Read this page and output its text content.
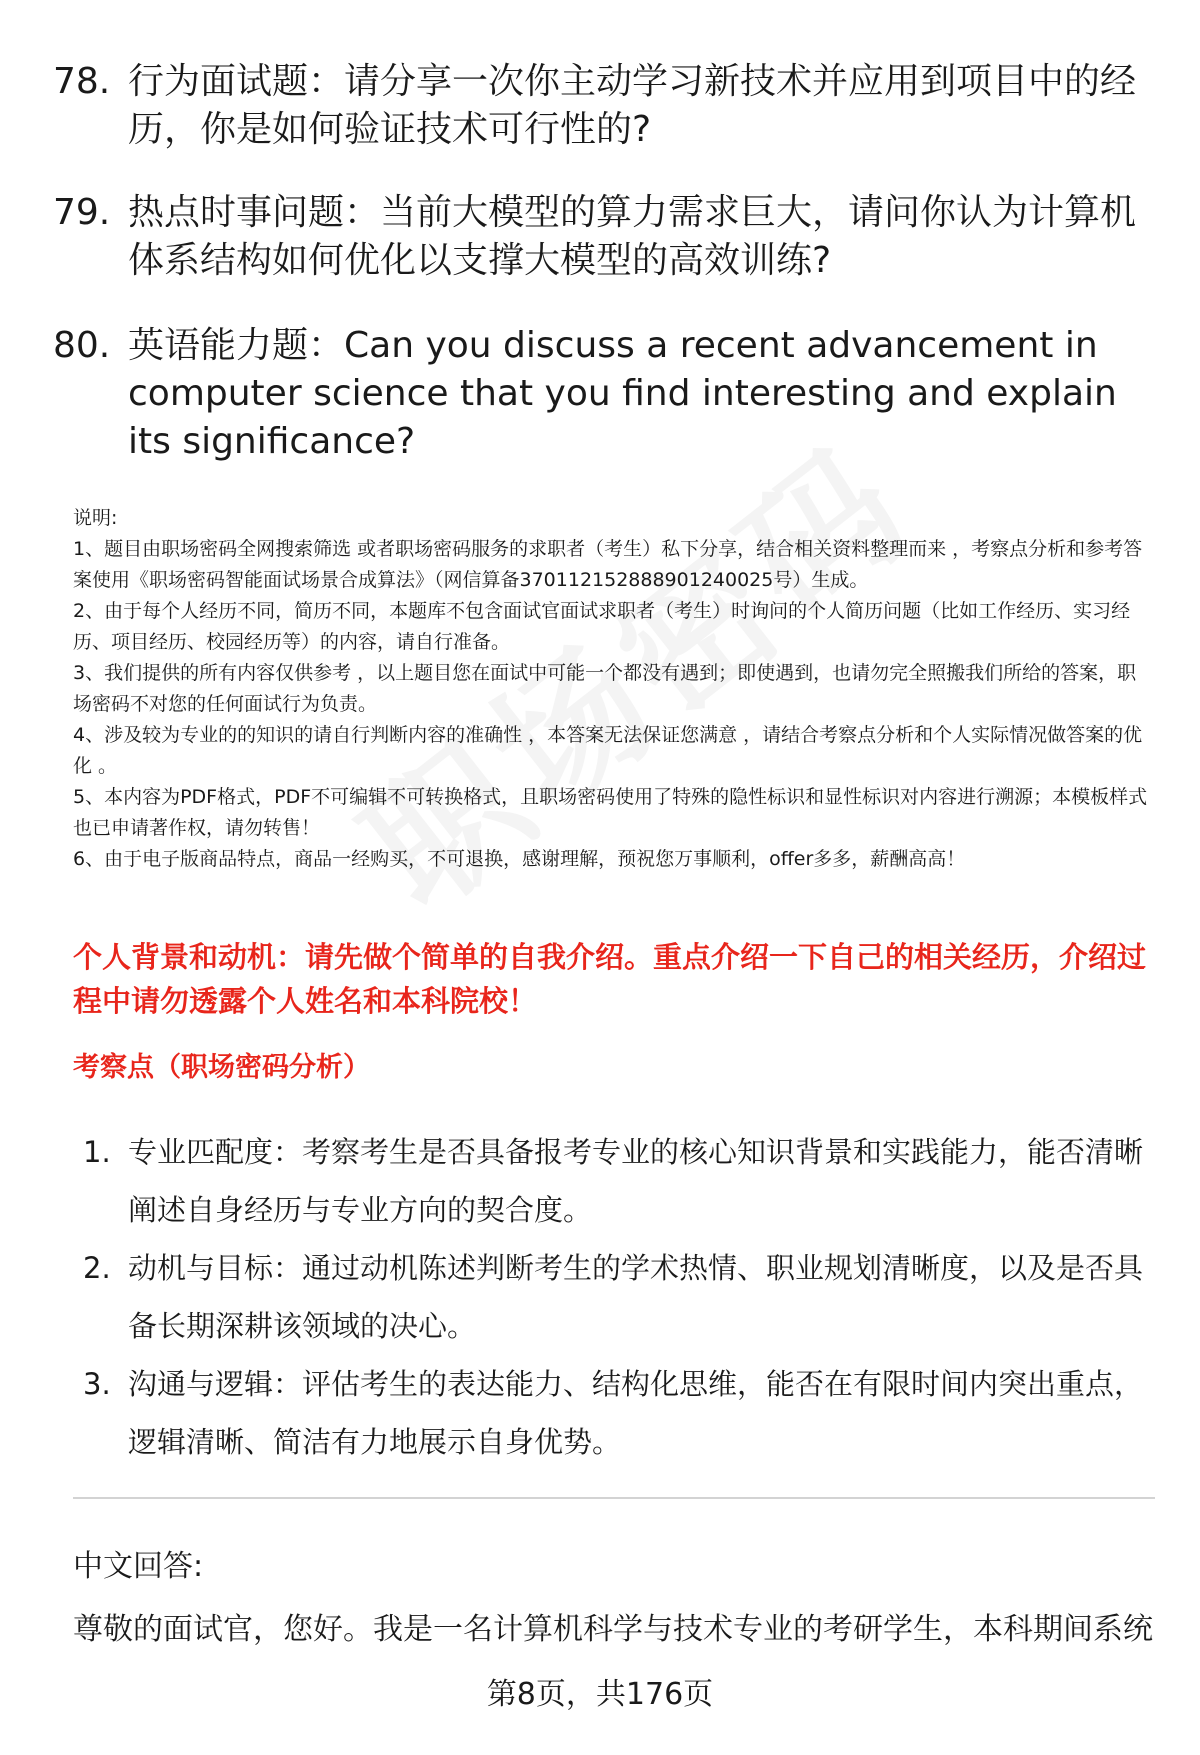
78. 行为面试题：请分享一次你主动学习新技术并应用到项目中的经历，你是如何验证技术可行性的?
79. 热点时事问题：当前大模型的算力需求巨大，请问你认为计算机体系结构如何优化以支撑大模型的高效训练?
80. 英语能力题：Can you discuss a recent advancement in computer science that you find interesting and explain its significance?

说明:

1、题目由职场密码全网搜索筛选 或者职场密码服务的求职者（考生）私下分享，结合相关资料整理而来 ，考察点分析和参考答案使用《职场密码智能面试场景合成算法》（网信算备370112152888901240025号）生成。

2、由于每个人经历不同，简历不同，本题库不包含面试官面试求职者（考生）时询问的个人简历问题（比如工作经历、实习经历、项目经历、校园经历等）的内容，请自行准备。

3、我们提供的所有内容仅供参考 ，以上题目您在面试中可能一个都没有遇到；即使遇到，也请勿完全照搬我们所给的答案，职场密码不对您的任何面试行为负责。

4、涉及较为专业的的知识的请自行判断内容的准确性 ，本答案无法保证您满意 ，请结合考察点分析和个人实际情况做答案的优化 。

5、本内容为PDF格式，PDF不可编辑不可转换格式，且职场密码使用了特殊的隐性标识和显性标识对内容进行溯源；本模板样式也已申请著作权，请勿转售！

6、由于电子版商品特点，商品一经购买，不可退换，感谢理解，预祝您万事顺利，offer多多，薪酬高高！

个人背景和动机：请先做个简单的自我介绍。重点介绍一下自己的相关经历，介绍过程中请勿透露个人姓名和本科院校！
考察点（职场密码分析）
1. 专业匹配度：考察考生是否具备报考专业的核心知识背景和实践能力，能否清晰阐述自身经历与专业方向的契合度。
2. 动机与目标：通过动机陈述判断考生的学术热情、职业规划清晰度，以及是否具备长期深耕该领域的决心。
3. 沟通与逻辑：评估考生的表达能力、结构化思维，能否在有限时间内突出重点，逻辑清晰、简洁有力地展示自身优势。
中文回答:
尊敬的面试官，您好。我是一名计算机科学与技术专业的考研学生，本科期间系统
第8页，共176页
